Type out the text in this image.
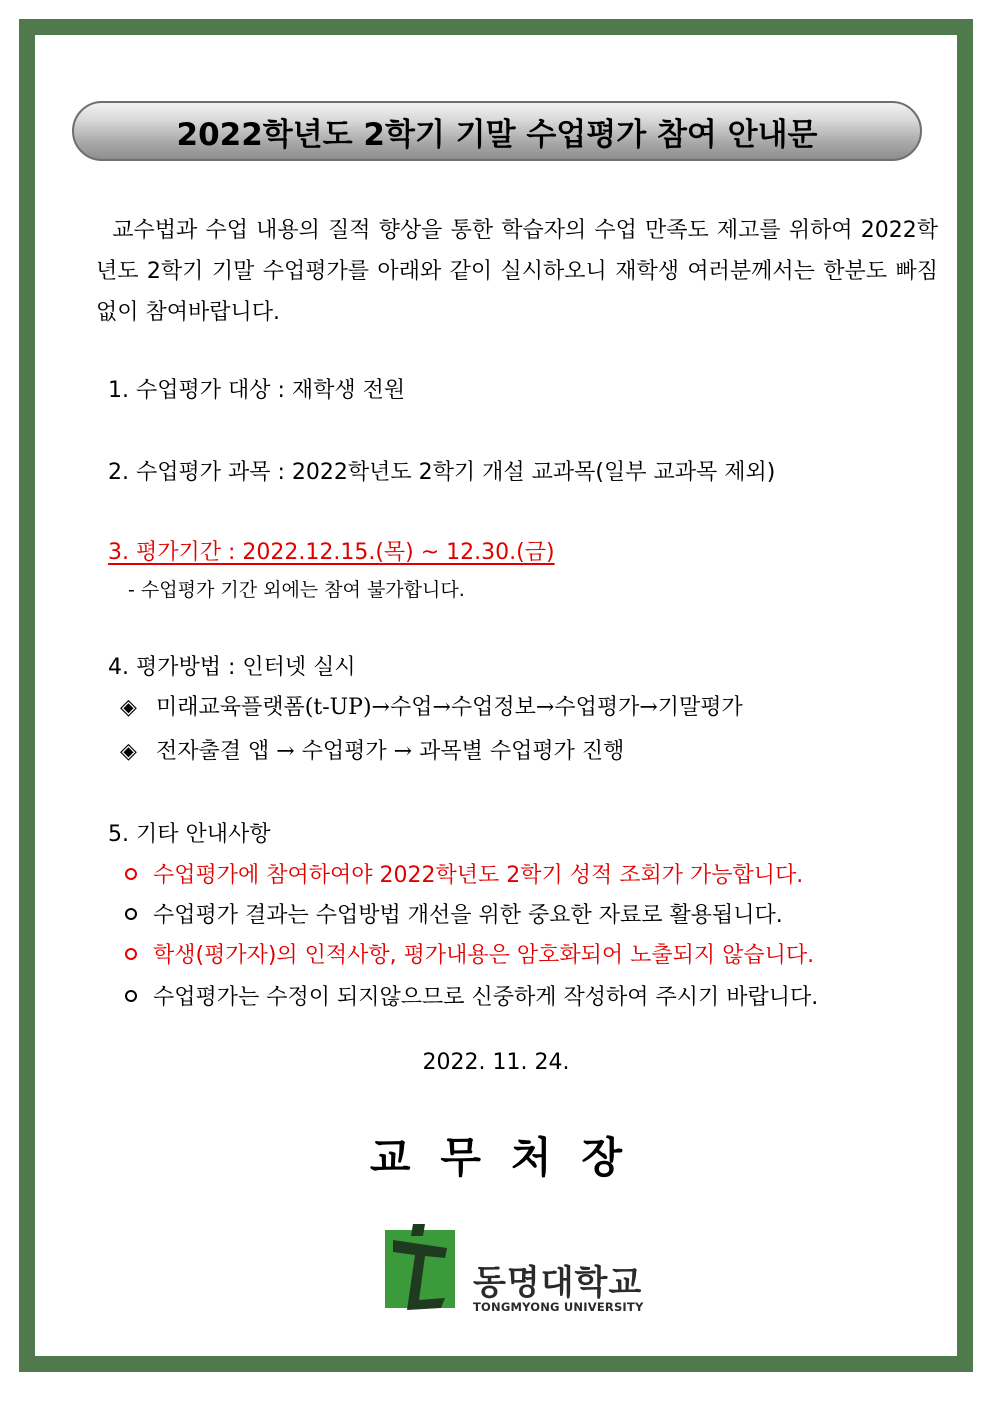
2022학년도 2학기 기말 수업평가 참여 안내문
교수법과 수업 내용의 질적 향상을 통한 학습자의 수업 만족도 제고를 위하여 2022학년도 2학기 기말 수업평가를 아래와 같이 실시하오니 재학생 여러분께서는 한분도 빠짐없이 참여바랍니다.
1. 수업평가 대상 : 재학생 전원
2. 수업평가 과목 : 2022학년도 2학기 개설 교과목(일부 교과목 제외)
3. 평가기간 : 2022.12.15.(목) ~ 12.30.(금)
- 수업평가 기간 외에는 참여 불가합니다.
4. 평가방법 : 인터넷 실시
◈ 미래교육플랫폼(t-UP)→수업→수업정보→수업평가→기말평가
◈ 전자출결 앱 → 수업평가 → 과목별 수업평가 진행
5. 기타 안내사항
수업평가에 참여하여야 2022학년도 2학기 성적 조회가 가능합니다.
수업평가 결과는 수업방법 개선을 위한 중요한 자료로 활용됩니다.
학생(평가자)의 인적사항, 평가내용은 암호화되어 노출되지 않습니다.
수업평가는 수정이 되지않으므로 신중하게 작성하여 주시기 바랍니다.
2022. 11. 24.
교무처장
동명대학교
TONGMYONG UNIVERSITY
